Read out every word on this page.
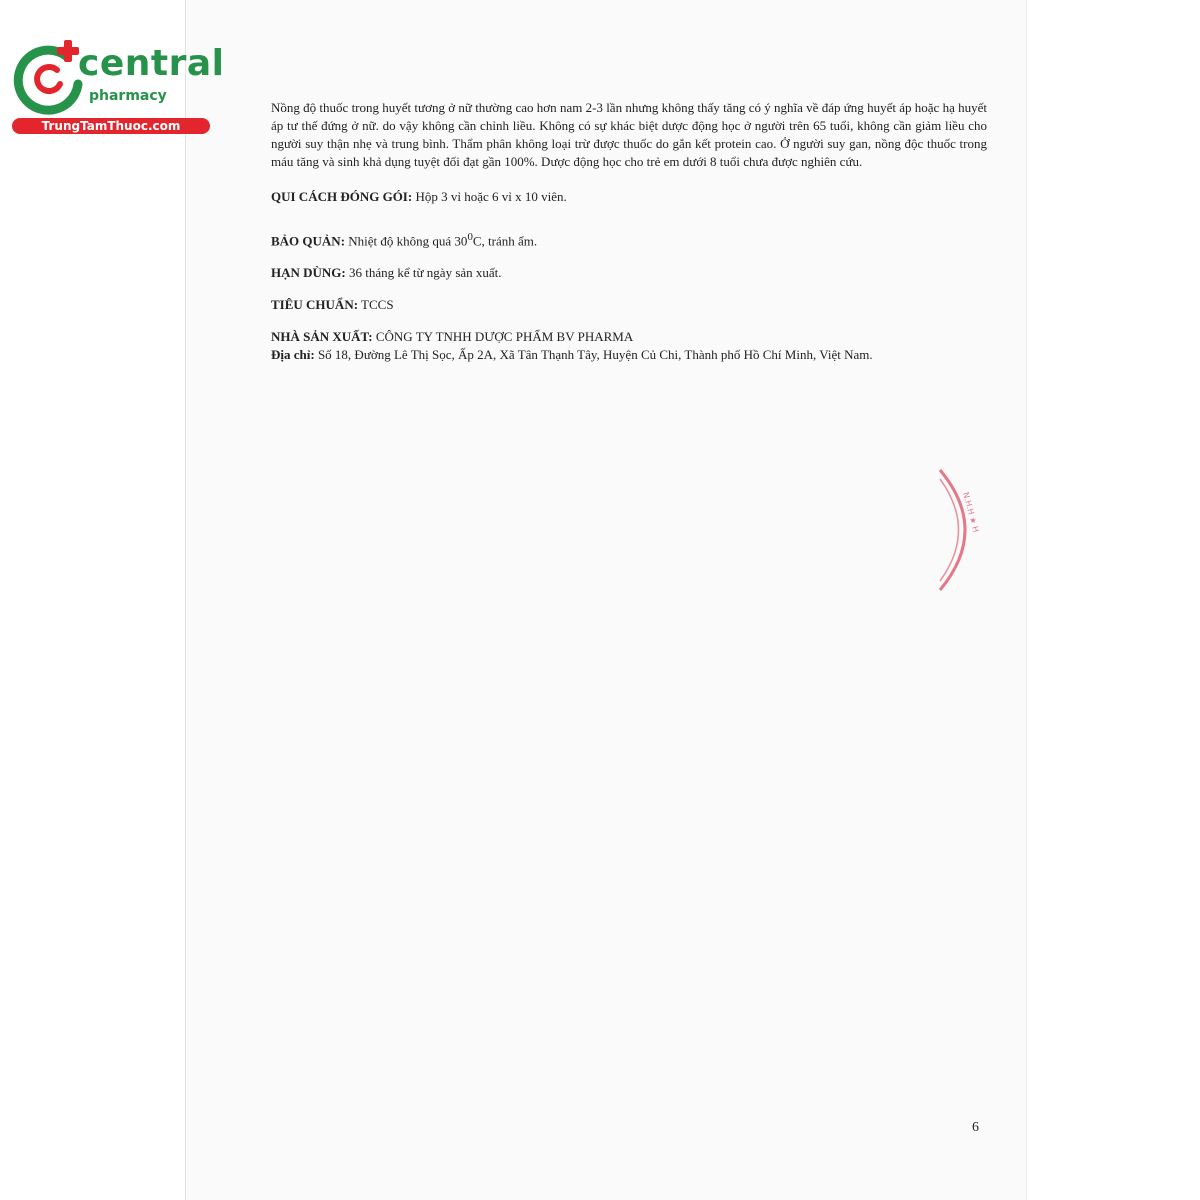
central
pharmacy
TrungTamThuoc.com

Nồng độ thuốc trong huyết tương ở nữ thường cao hơn nam 2-3 lần nhưng không thấy tăng có ý nghĩa về đáp ứng huyết áp hoặc hạ huyết áp tư thế đứng ở nữ. do vậy không cần chỉnh liều. Không có sự khác biệt dược động học ở người trên 65 tuổi, không cần giảm liều cho người suy thận nhẹ và trung bình. Thẩm phân không loại trừ được thuốc do gắn kết protein cao. Ở người suy gan, nồng độc thuốc trong máu tăng và sinh khả dụng tuyệt đối đạt gần 100%. Dược động học cho trẻ em dưới 8 tuổi chưa được nghiên cứu.

QUI CÁCH ĐÓNG GÓI: Hộp 3 vỉ hoặc 6 vỉ x 10 viên.

BẢO QUẢN: Nhiệt độ không quá $30^0C$, tránh ẩm.

HẠN DÙNG: 36 tháng kể từ ngày sản xuất.

TIÊU CHUẨN: TCCS

NHÀ SẢN XUẤT: CÔNG TY TNHH DƯỢC PHẨM BV PHARMA
Địa chỉ: Số 18, Đường Lê Thị Sọc, Ấp 2A, Xã Tân Thạnh Tây, Huyện Củ Chi, Thành phố Hồ Chí Minh, Việt Nam.

N.H.H ★ H
6
